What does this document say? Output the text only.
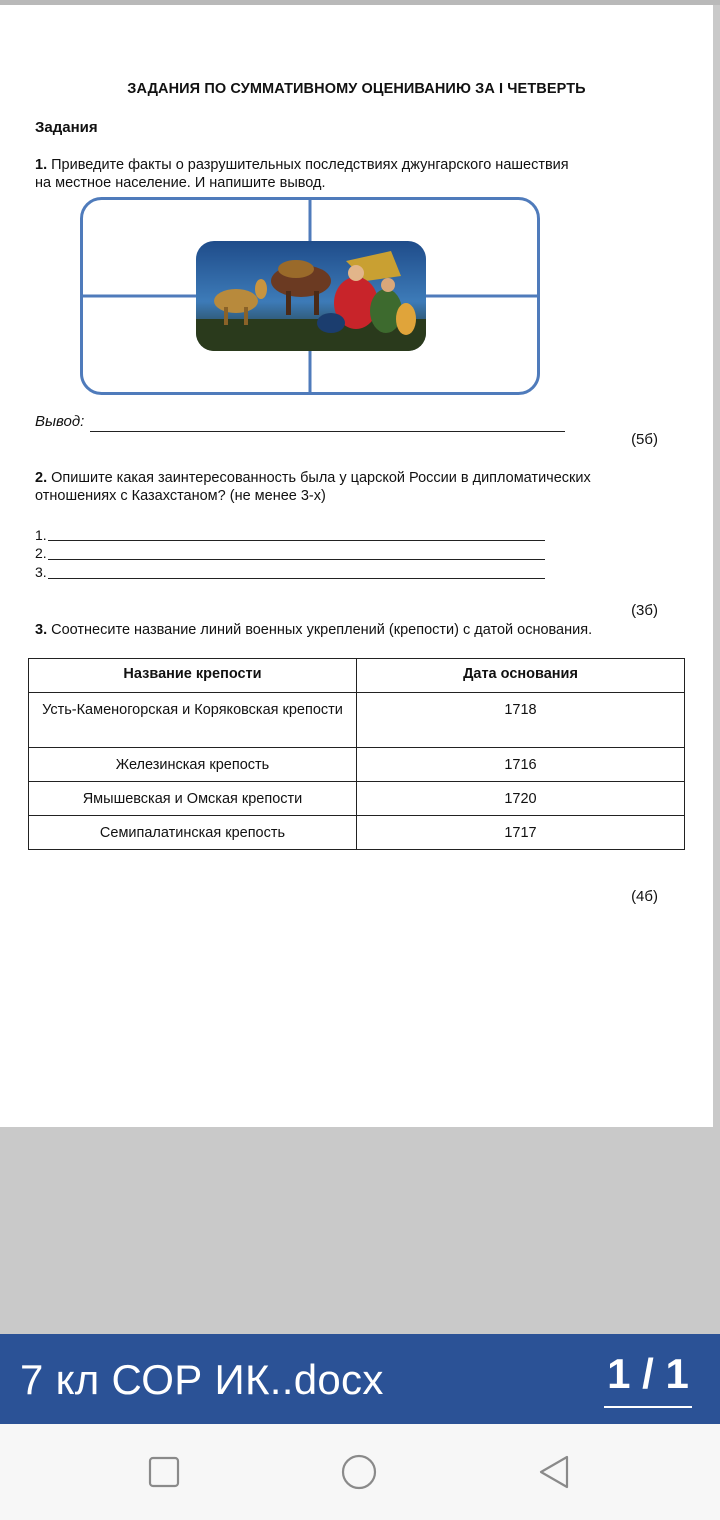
ЗАДАНИЯ ПО СУММАТИВНОМУ ОЦЕНИВАНИЮ ЗА I ЧЕТВЕРТЬ
Задания
1. Приведите факты о разрушительных последствиях джунгарского нашествия
на местное население. И напишите вывод.
Вывод:
(5б)
2. Опишите какая заинтересованность была у царской России в дипломатических
отношениях с Казахстаном? (не менее 3-х)
1.
2.
3.
(3б)
3. Соотнесите название линий военных укреплений (крепости) с датой основания.
Название крепости	Дата основания
Усть-Каменогорская и Коряковская крепости	1718
Железинская крепость	1716
Ямышевская и Омская крепости	1720
Семипалатинская крепость	1717
(4б)
7 кл СОР ИК..docx	1 / 1
